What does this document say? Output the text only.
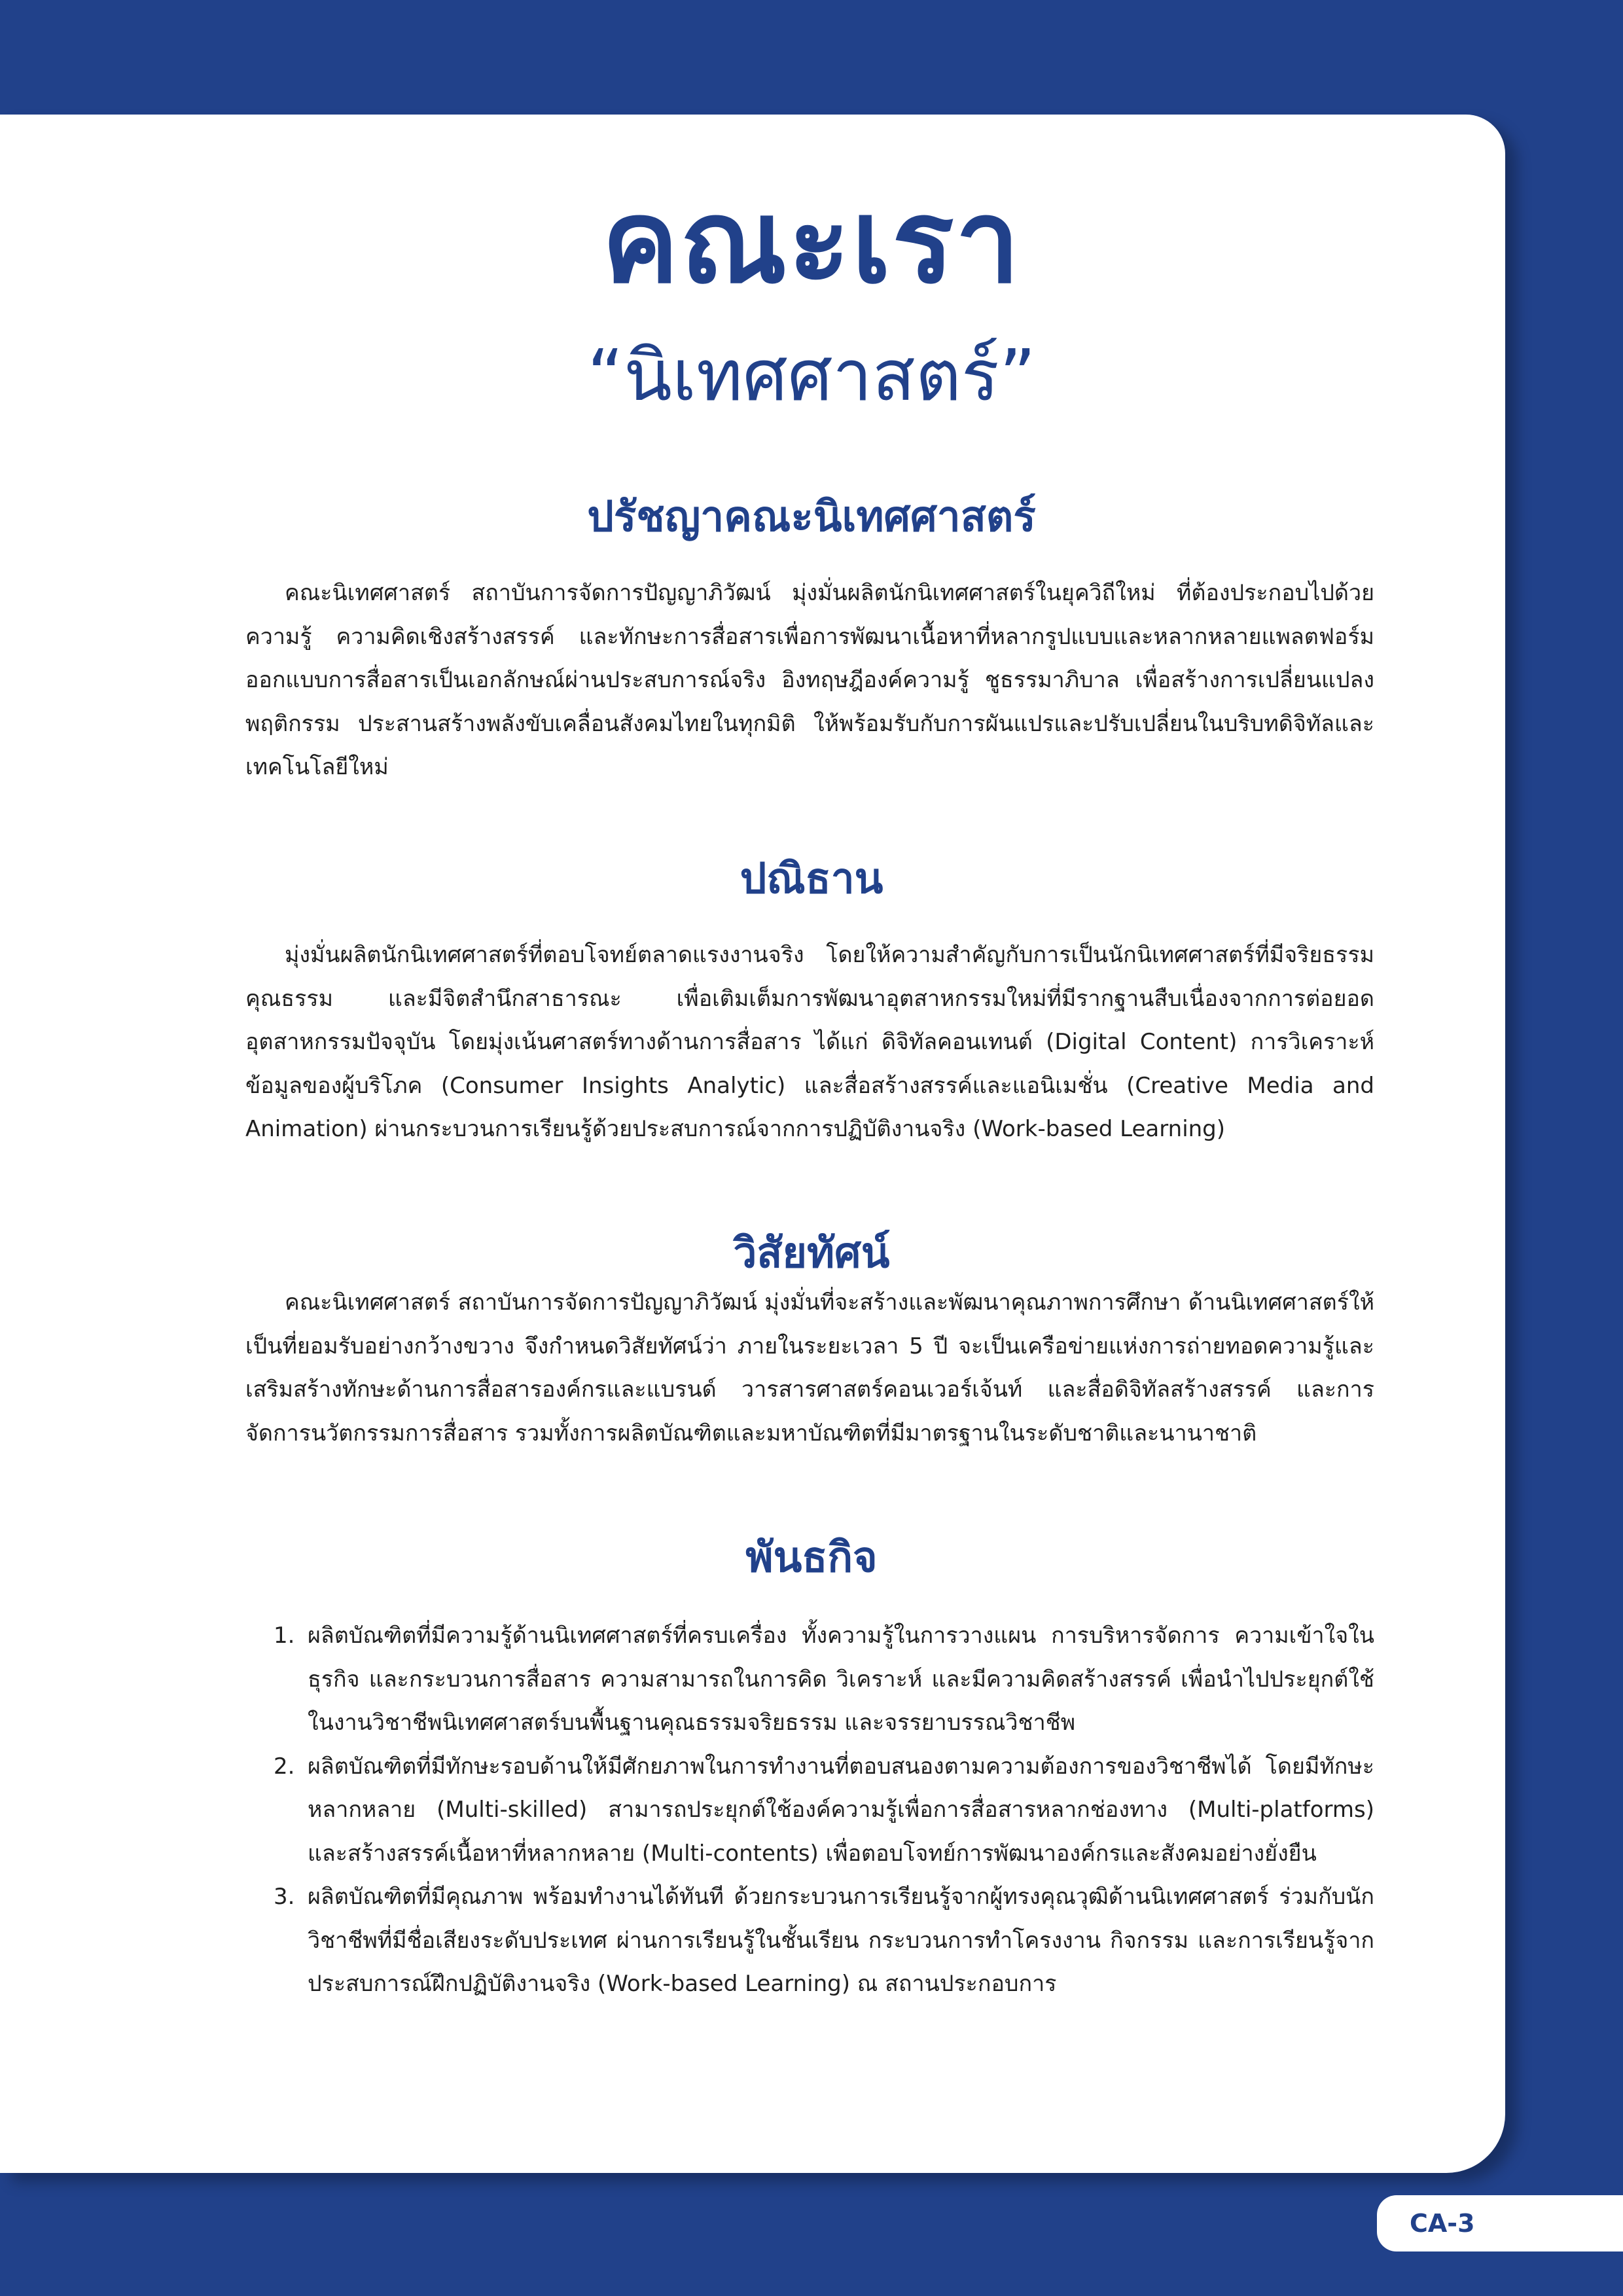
คณะเรา
“นิเทศศาสตร์”
ปรัชญาคณะนิเทศศาสตร์

คณะนิเทศศาสตร์ สถาบันการจัดการปัญญาภิวัฒน์ มุ่งมั่นผลิตนักนิเทศศาสตร์ในยุควิถีใหม่ ที่ต้องประกอบไปด้วยความรู้ ความคิดเชิงสร้างสรรค์ และทักษะการสื่อสารเพื่อการพัฒนาเนื้อหาที่หลากรูปแบบและหลากหลายแพลตฟอร์ม ออกแบบการสื่อสารเป็นเอกลักษณ์ผ่านประสบการณ์จริง อิงทฤษฎีองค์ความรู้ ชูธรรมาภิบาล เพื่อสร้างการเปลี่ยนแปลงพฤติกรรม ประสานสร้างพลังขับเคลื่อนสังคมไทยในทุกมิติ ให้พร้อมรับกับการผันแปรและปรับเปลี่ยนในบริบทดิจิทัลและเทคโนโลยีใหม่

ปณิธาน

มุ่งมั่นผลิตนักนิเทศศาสตร์ที่ตอบโจทย์ตลาดแรงงานจริง โดยให้ความสำคัญกับการเป็นนักนิเทศศาสตร์ที่มีจริยธรรม คุณธรรม และมีจิตสำนึกสาธารณะ เพื่อเติมเต็มการพัฒนาอุตสาหกรรมใหม่ที่มีรากฐานสืบเนื่องจากการต่อยอดอุตสาหกรรมปัจจุบัน โดยมุ่งเน้นศาสตร์ทางด้านการสื่อสาร ได้แก่ ดิจิทัลคอนเทนต์ (Digital Content) การวิเคราะห์ข้อมูลของผู้บริโภค (Consumer Insights Analytic) และสื่อสร้างสรรค์และแอนิเมชั่น (Creative Media and Animation) ผ่านกระบวนการเรียนรู้ด้วยประสบการณ์จากการปฏิบัติงานจริง (Work-based Learning)

วิสัยทัศน์

คณะนิเทศศาสตร์ สถาบันการจัดการปัญญาภิวัฒน์ มุ่งมั่นที่จะสร้างและพัฒนาคุณภาพการศึกษา ด้านนิเทศศาสตร์ให้เป็นที่ยอมรับอย่างกว้างขวาง จึงกำหนดวิสัยทัศน์ว่า ภายในระยะเวลา 5 ปี จะเป็นเครือข่ายแห่งการถ่ายทอดความรู้และเสริมสร้างทักษะด้านการสื่อสารองค์กรและแบรนด์ วารสารศาสตร์คอนเวอร์เจ้นท์ และสื่อดิจิทัลสร้างสรรค์ และการจัดการนวัตกรรมการสื่อสาร รวมทั้งการผลิตบัณฑิตและมหาบัณฑิตที่มีมาตรฐานในระดับชาติและนานาชาติ

พันธกิจ
1. ผลิตบัณฑิตที่มีความรู้ด้านนิเทศศาสตร์ที่ครบเครื่อง ทั้งความรู้ในการวางแผน การบริหารจัดการ ความเข้าใจในธุรกิจ และกระบวนการสื่อสาร ความสามารถในการคิด วิเคราะห์ และมีความคิดสร้างสรรค์ เพื่อนำไปประยุกต์ใช้ในงานวิชาชีพนิเทศศาสตร์บนพื้นฐานคุณธรรมจริยธรรม และจรรยาบรรณวิชาชีพ
2. ผลิตบัณฑิตที่มีทักษะรอบด้านให้มีศักยภาพในการทำงานที่ตอบสนองตามความต้องการของวิชาชีพได้ โดยมีทักษะหลากหลาย (Multi-skilled) สามารถประยุกต์ใช้องค์ความรู้เพื่อการสื่อสารหลากช่องทาง (Multi-platforms) และสร้างสรรค์เนื้อหาที่หลากหลาย (Multi-contents) เพื่อตอบโจทย์การพัฒนาองค์กรและสังคมอย่างยั่งยืน
3. ผลิตบัณฑิตที่มีคุณภาพ พร้อมทำงานได้ทันที ด้วยกระบวนการเรียนรู้จากผู้ทรงคุณวุฒิด้านนิเทศศาสตร์ ร่วมกับนักวิชาชีพที่มีชื่อเสียงระดับประเทศ ผ่านการเรียนรู้ในชั้นเรียน กระบวนการทำโครงงาน กิจกรรม และการเรียนรู้จากประสบการณ์ฝึกปฏิบัติงานจริง (Work-based Learning) ณ สถานประกอบการ
CA-3
